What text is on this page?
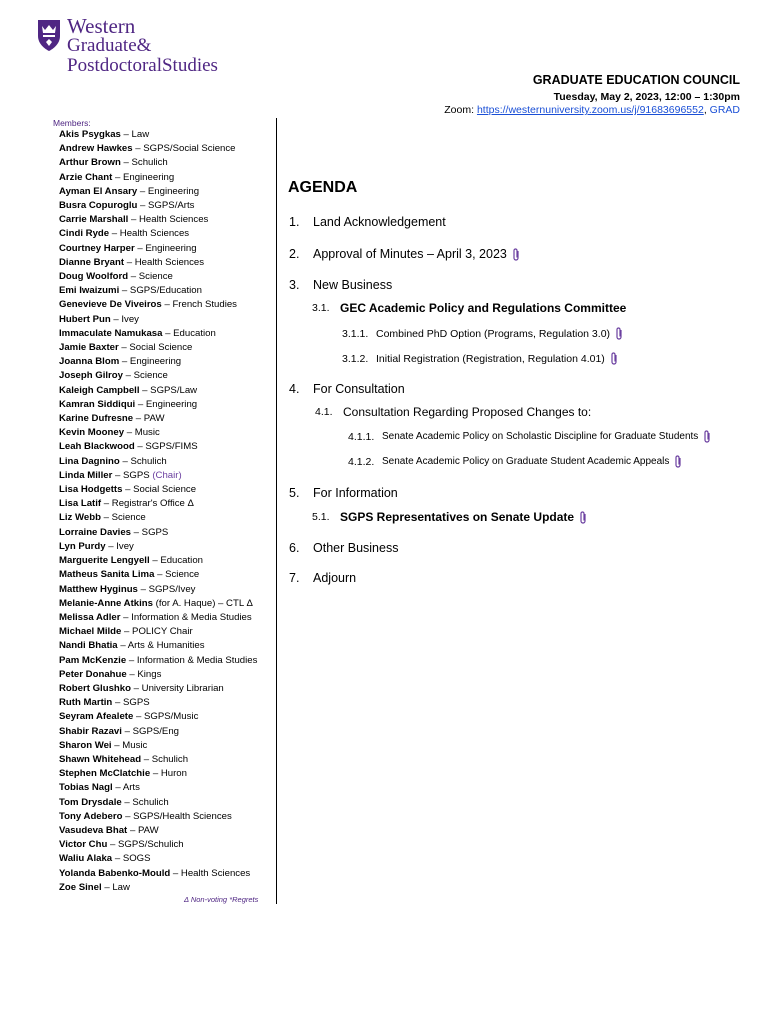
Western
Graduate&
PostdoctoralStudies
GRADUATE EDUCATION COUNCIL
Tuesday, May 2, 2023, 12:00 – 1:30pm
Zoom: https://westernuniversity.zoom.us/j/91683696552, GRAD
Members:
Akis Psygkas – Law
Andrew Hawkes – SGPS/Social Science
Arthur Brown – Schulich
Arzie Chant – Engineering
Ayman El Ansary – Engineering
Busra Copuroglu – SGPS/Arts
Carrie Marshall – Health Sciences
Cindi Ryde – Health Sciences
Courtney Harper – Engineering
Dianne Bryant – Health Sciences
Doug Woolford – Science
Emi Iwaizumi – SGPS/Education
Genevieve De Viveiros – French Studies
Hubert Pun – Ivey
Immaculate Namukasa – Education
Jamie Baxter – Social Science
Joanna Blom – Engineering
Joseph Gilroy – Science
Kaleigh Campbell – SGPS/Law
Kamran Siddiqui – Engineering
Karine Dufresne – PAW
Kevin Mooney – Music
Leah Blackwood – SGPS/FIMS
Lina Dagnino – Schulich
Linda Miller – SGPS (Chair)
Lisa Hodgetts – Social Science
Lisa Latif – Registrar's Office Δ
Liz Webb – Science
Lorraine Davies – SGPS
Lyn Purdy – Ivey
Marguerite Lengyell – Education
Matheus Sanita Lima – Science
Matthew Hyginus – SGPS/Ivey
Melanie-Anne Atkins (for A. Haque) – CTL Δ
Melissa Adler – Information & Media Studies
Michael Milde – POLICY Chair
Nandi Bhatia – Arts & Humanities
Pam McKenzie – Information & Media Studies
Peter Donahue – Kings
Robert Glushko – University Librarian
Ruth Martin – SGPS
Seyram Afealete – SGPS/Music
Shabir Razavi – SGPS/Eng
Sharon Wei – Music
Shawn Whitehead – Schulich
Stephen McClatchie – Huron
Tobias Nagl – Arts
Tom Drysdale – Schulich
Tony Adebero – SGPS/Health Sciences
Vasudeva Bhat – PAW
Victor Chu – SGPS/Schulich
Waliu Alaka – SOGS
Yolanda Babenko-Mould – Health Sciences
Zoe Sinel – Law
Δ Non-voting *Regrets
AGENDA
1.	Land Acknowledgement
2.	Approval of Minutes – April 3, 2023
3.	New Business
3.1. GEC Academic Policy and Regulations Committee
3.1.1. Combined PhD Option (Programs, Regulation 3.0)
3.1.2. Initial Registration (Registration, Regulation 4.01)
4.	For Consultation
4.1. Consultation Regarding Proposed Changes to:
4.1.1. Senate Academic Policy on Scholastic Discipline for Graduate Students
4.1.2. Senate Academic Policy on Graduate Student Academic Appeals
5.	For Information
5.1. SGPS Representatives on Senate Update
6.	Other Business
7.	Adjourn
